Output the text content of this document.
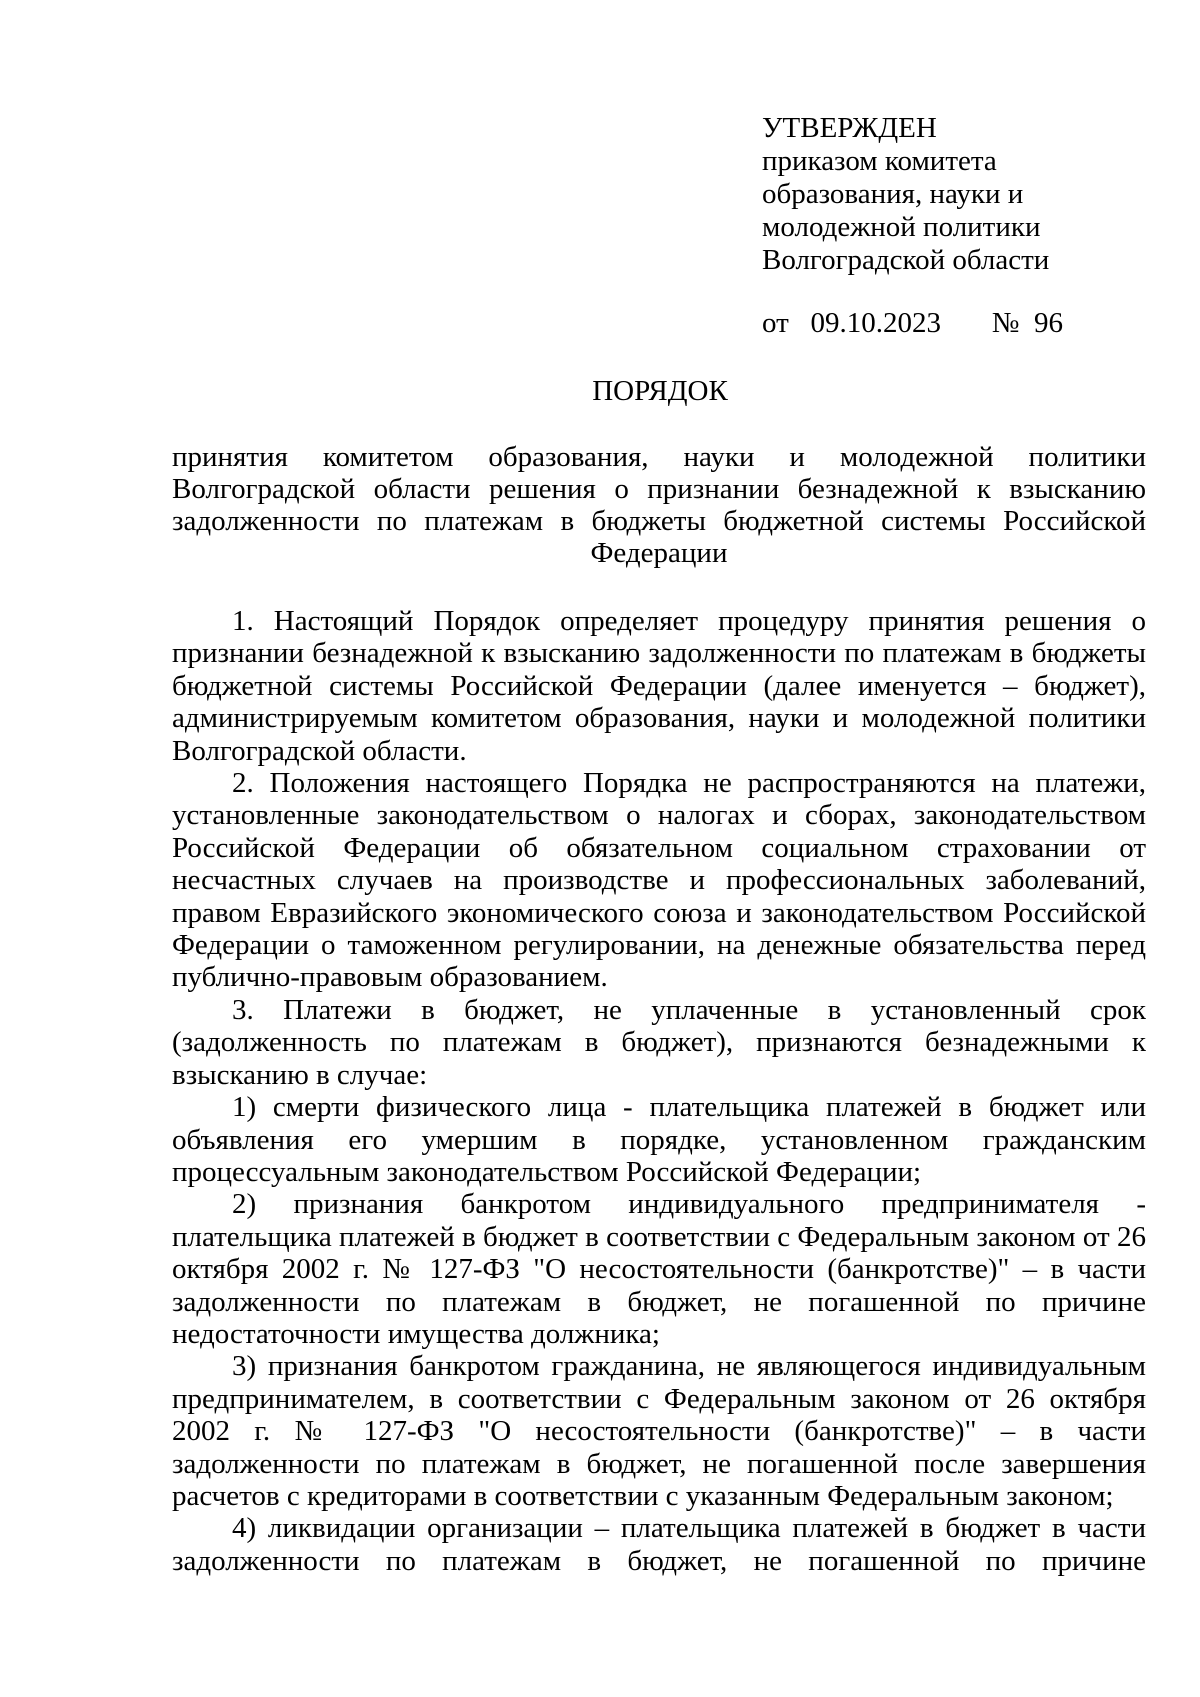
УТВЕРЖДЕН
приказом комитета
образования, науки и
молодежной политики
Волгоградской области
от   09.10.2023       №  96
ПОРЯДОК
принятия комитетом образования, науки и молодежной политики Волгоградской области решения о признании безнадежной к взысканию задолженности по платежам в бюджеты бюджетной системы Российской
Федерации

1. Настоящий Порядок определяет процедуру принятия решения о признании безнадежной к взысканию задолженности по платежам в бюджеты бюджетной системы Российской Федерации (далее именуется – бюджет), администрируемым комитетом образования, науки и молодежной политики Волгоградской области.

2. Положения настоящего Порядка не распространяются на платежи, установленные законодательством о налогах и сборах, законодательством Российской Федерации об обязательном социальном страховании от несчастных случаев на производстве и профессиональных заболеваний, правом Евразийского экономического союза и законодательством Российской Федерации о таможенном регулировании, на денежные обязательства перед публично-правовым образованием.

3. Платежи в бюджет, не уплаченные в установленный срок (задолженность по платежам в бюджет), признаются безнадежными к взысканию в случае:

1) смерти физического лица - плательщика платежей в бюджет или объявления его умершим в порядке, установленном гражданским процессуальным законодательством Российской Федерации;

2) признания банкротом индивидуального предпринимателя - плательщика платежей в бюджет в соответствии с Федеральным законом от 26 октября 2002 г. № 127-ФЗ "О несостоятельности (банкротстве)" – в части задолженности по платежам в бюджет, не погашенной по причине недостаточности имущества должника;

3) признания банкротом гражданина, не являющегося индивидуальным предпринимателем, в соответствии с Федеральным законом от 26 октября 2002 г. № 127-ФЗ "О несостоятельности (банкротстве)" – в части задолженности по платежам в бюджет, не погашенной после завершения расчетов с кредиторами в соответствии с указанным Федеральным законом;

4) ликвидации организации – плательщика платежей в бюджет в части задолженности по платежам в бюджет, не погашенной по причине
